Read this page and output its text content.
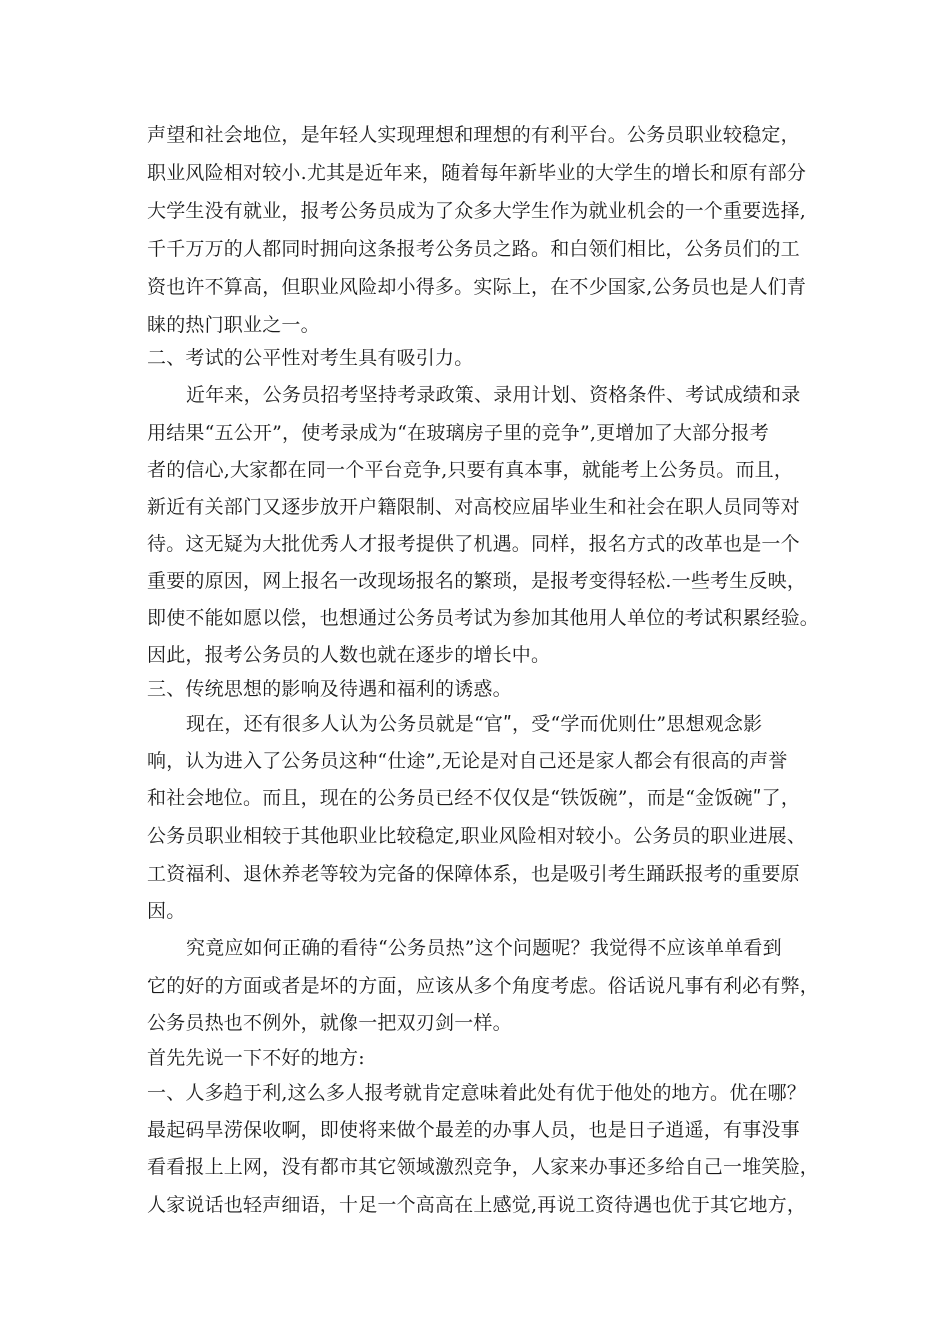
声望和社会地位，是年轻人实现理想和理想的有利平台。公务员职业较稳定，
职业风险相对较小.尤其是近年来，随着每年新毕业的大学生的增长和原有部分
大学生没有就业，报考公务员成为了众多大学生作为就业机会的一个重要选择,
千千万万的人都同时拥向这条报考公务员之路。和白领们相比，公务员们的工
资也许不算高，但职业风险却小得多。实际上，在不少国家,公务员也是人们青
睐的热门职业之一。
二、考试的公平性对考生具有吸引力。
近年来，公务员招考坚持考录政策、录用计划、资格条件、考试成绩和录
用结果“五公开”，使考录成为“在玻璃房子里的竞争”,更增加了大部分报考
者的信心,大家都在同一个平台竞争,只要有真本事，就能考上公务员。而且，
新近有关部门又逐步放开户籍限制、对高校应届毕业生和社会在职人员同等对
待。这无疑为大批优秀人才报考提供了机遇。同样，报名方式的改革也是一个
重要的原因，网上报名一改现场报名的繁琐，是报考变得轻松.一些考生反映，
即使不能如愿以偿，也想通过公务员考试为参加其他用人单位的考试积累经验。
因此，报考公务员的人数也就在逐步的增长中。
三、传统思想的影响及待遇和福利的诱惑。
现在，还有很多人认为公务员就是“官ʺ，受“学而优则仕”思想观念影
响，认为进入了公务员这种“仕途”,无论是对自己还是家人都会有很高的声誉
和社会地位。而且，现在的公务员已经不仅仅是“铁饭碗”，而是“金饭碗ʺ了，
公务员职业相较于其他职业比较稳定,职业风险相对较小。公务员的职业进展、
工资福利、退休养老等较为完备的保障体系，也是吸引考生踊跃报考的重要原
因。
究竟应如何正确的看待“公务员热”这个问题呢？我觉得不应该单单看到
它的好的方面或者是坏的方面，应该从多个角度考虑。俗话说凡事有利必有弊，
公务员热也不例外，就像一把双刃剑一样。
首先先说一下不好的地方:
一、人多趋于利,这么多人报考就肯定意味着此处有优于他处的地方。优在哪？
最起码旱涝保收啊，即使将来做个最差的办事人员，也是日子逍遥，有事没事
看看报上上网，没有都市其它领域激烈竞争，人家来办事还多给自己一堆笑脸，
人家说话也轻声细语，十足一个高高在上感觉,再说工资待遇也优于其它地方，
